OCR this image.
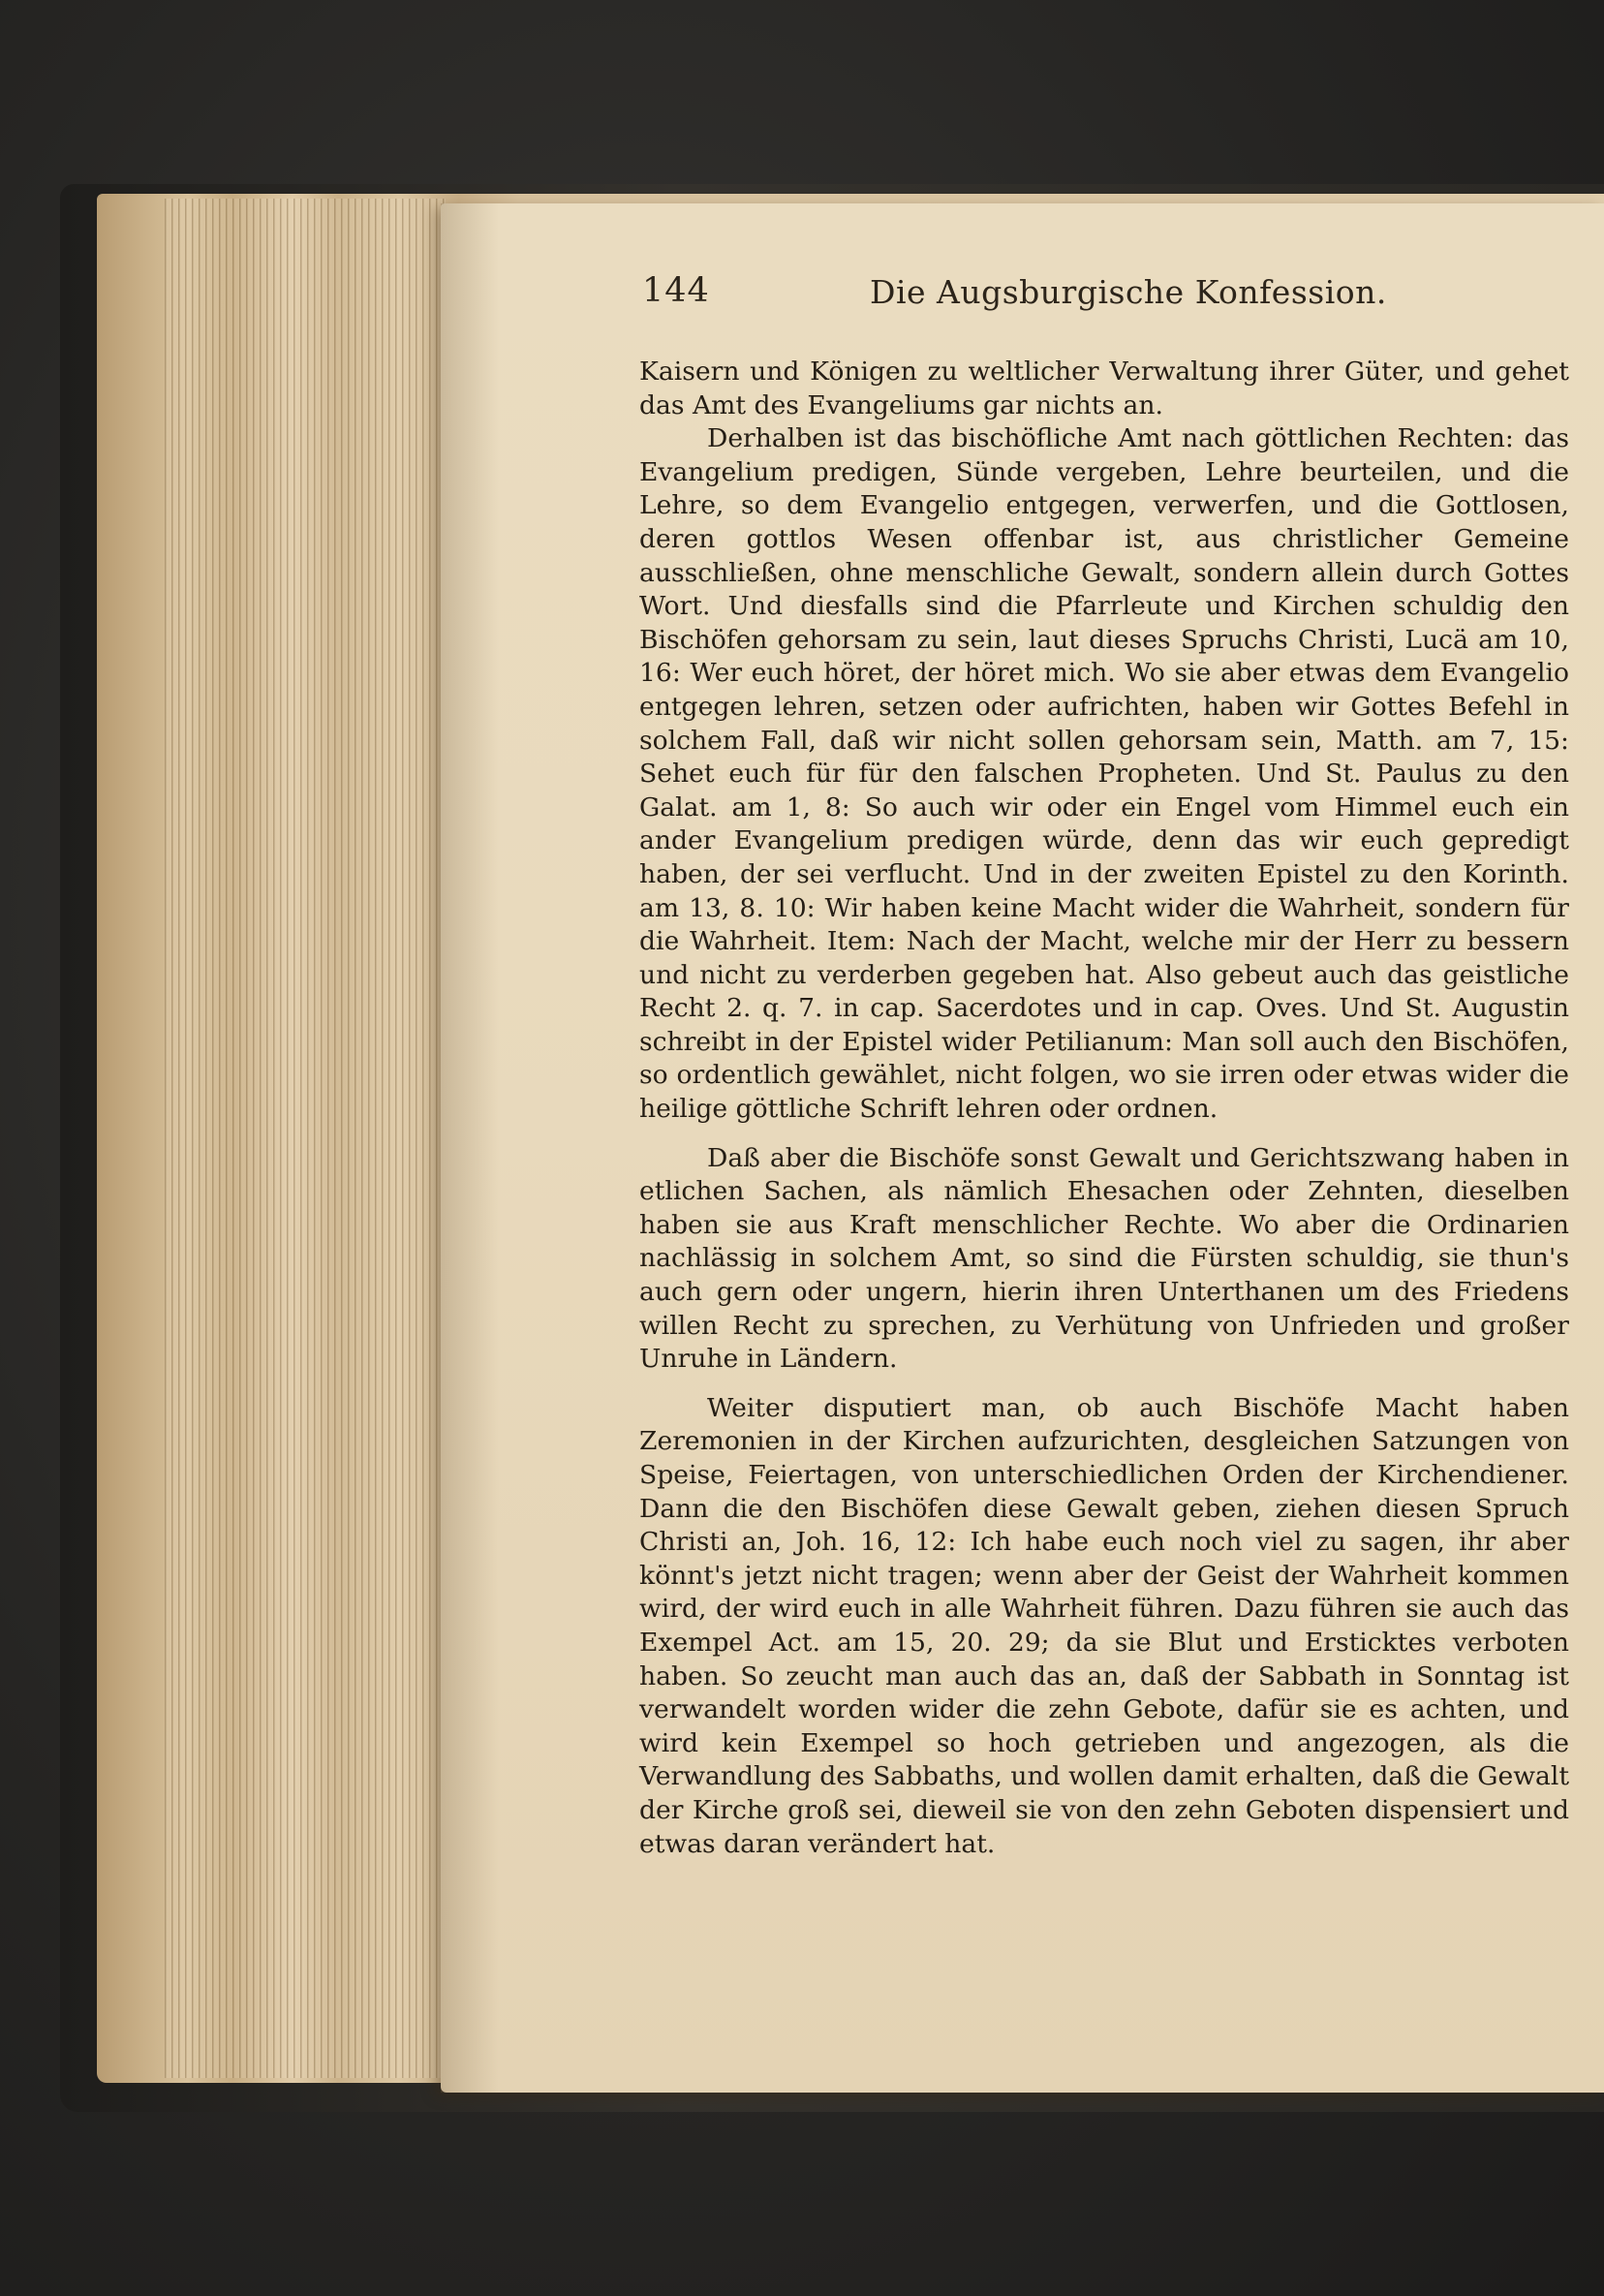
144	Die Augsburgische Konfession.

Kaisern und Königen zu weltlicher Verwaltung ihrer Güter, und gehet das Amt des Evangeliums gar nichts an.

Derhalben ist das bischöfliche Amt nach göttlichen Rechten: das Evangelium predigen, Sünde vergeben, Lehre beurteilen, und die Lehre, so dem Evangelio entgegen, verwerfen, und die Gottlosen, deren gottlos Wesen offenbar ist, aus christlicher Gemeine ausschließen, ohne menschliche Gewalt, sondern allein durch Gottes Wort. Und diesfalls sind die Pfarrleute und Kirchen schuldig den Bischöfen gehorsam zu sein, laut dieses Spruchs Christi, Lucä am 10, 16: Wer euch höret, der höret mich. Wo sie aber etwas dem Evangelio entgegen lehren, setzen oder aufrichten, haben wir Gottes Befehl in solchem Fall, daß wir nicht sollen gehorsam sein, Matth. am 7, 15: Sehet euch für für den falschen Propheten. Und St. Paulus zu den Galat. am 1, 8: So auch wir oder ein Engel vom Himmel euch ein ander Evangelium predigen würde, denn das wir euch gepredigt haben, der sei verflucht. Und in der zweiten Epistel zu den Korinth. am 13, 8. 10: Wir haben keine Macht wider die Wahrheit, sondern für die Wahrheit. Item: Nach der Macht, welche mir der Herr zu bessern und nicht zu verderben gegeben hat. Also gebeut auch das geistliche Recht 2. q. 7. in cap. Sacerdotes und in cap. Oves. Und St. Augustin schreibt in der Epistel wider Petilianum: Man soll auch den Bischöfen, so ordentlich gewählet, nicht folgen, wo sie irren oder etwas wider die heilige göttliche Schrift lehren oder ordnen.

Daß aber die Bischöfe sonst Gewalt und Gerichtszwang haben in etlichen Sachen, als nämlich Ehesachen oder Zehnten, dieselben haben sie aus Kraft menschlicher Rechte. Wo aber die Ordinarien nachlässig in solchem Amt, so sind die Fürsten schuldig, sie thun's auch gern oder ungern, hierin ihren Unterthanen um des Friedens willen Recht zu sprechen, zu Verhütung von Unfrieden und großer Unruhe in Ländern.

Weiter disputiert man, ob auch Bischöfe Macht haben Zeremonien in der Kirchen aufzurichten, desgleichen Satzungen von Speise, Feiertagen, von unterschiedlichen Orden der Kirchendiener. Dann die den Bischöfen diese Gewalt geben, ziehen diesen Spruch Christi an, Joh. 16, 12: Ich habe euch noch viel zu sagen, ihr aber könnt's jetzt nicht tragen; wenn aber der Geist der Wahrheit kommen wird, der wird euch in alle Wahrheit führen. Dazu führen sie auch das Exempel Act. am 15, 20. 29; da sie Blut und Ersticktes verboten haben. So zeucht man auch das an, daß der Sabbath in Sonntag ist verwandelt worden wider die zehn Gebote, dafür sie es achten, und wird kein Exempel so hoch getrieben und angezogen, als die Verwandlung des Sabbaths, und wollen damit erhalten, daß die Gewalt der Kirche groß sei, dieweil sie von den zehn Geboten dispensiert und etwas daran verändert hat.
